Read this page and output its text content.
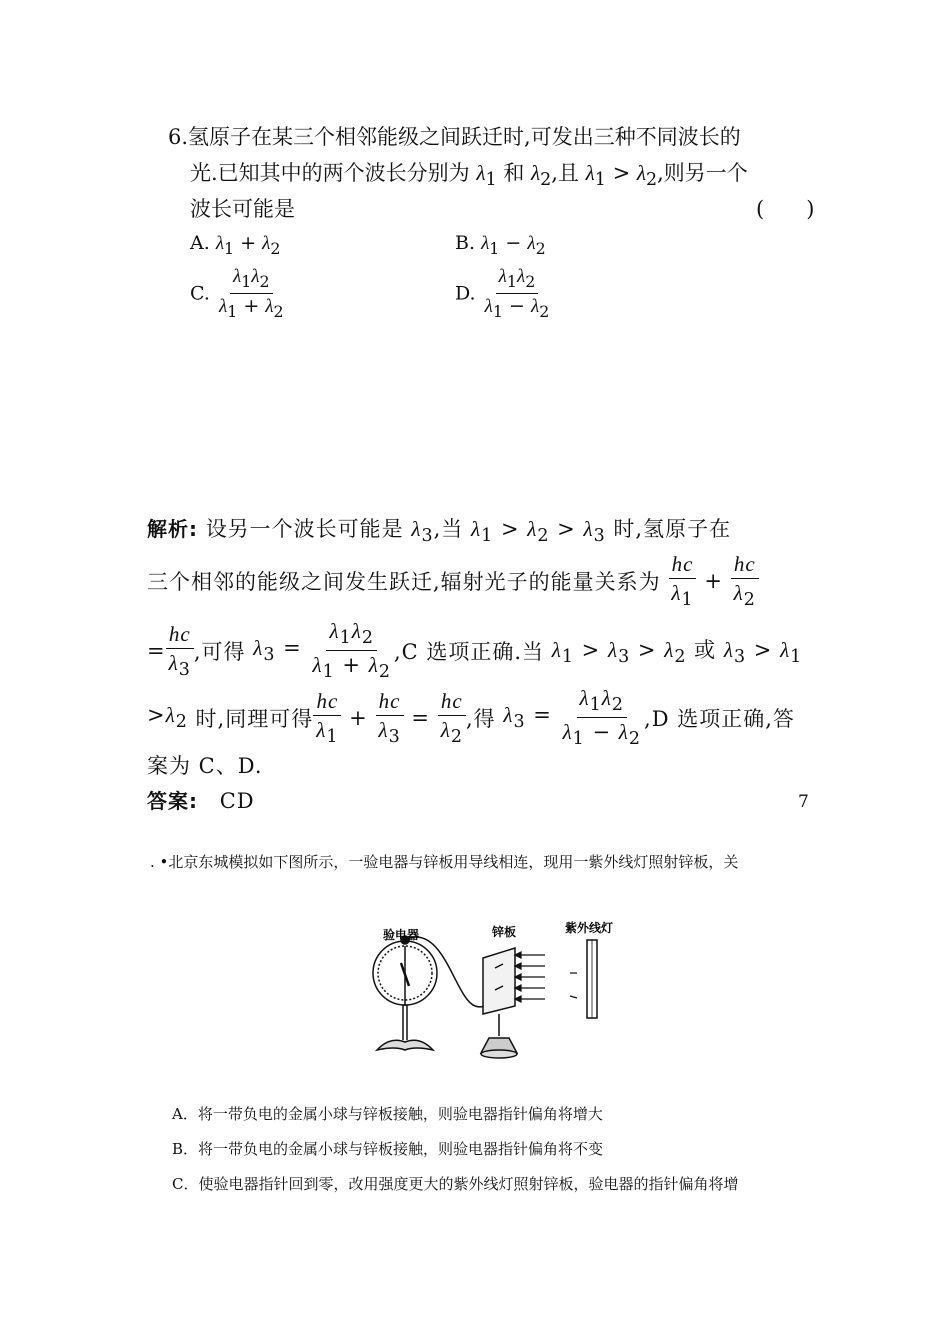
6.氢原子在某三个相邻能级之间跃迁时,可发出三种不同波长的
光.已知其中的两个波长分别为 $\lambda_1$ 和 $\lambda_2$,且 $\lambda_1 > \lambda_2$,则另一个
波长可能是	(　　)
A. $\lambda_1 + \lambda_2$	B. $\lambda_1 - \lambda_2$
C. $\frac{\lambda_1\lambda_2}{\lambda_1 + \lambda_2}$	D. $\frac{\lambda_1\lambda_2}{\lambda_1 - \lambda_2}$
解析: 设另一个波长可能是 $\lambda_3$,当 $\lambda_1 > \lambda_2 > \lambda_3$ 时,氢原子在
三个相邻的能级之间发生跃迁,辐射光子的能量关系为 $\frac{hc}{\lambda_1} + \frac{hc}{\lambda_2}$
= $\frac{hc}{\lambda_3}$ ,可得 $\lambda_3 = \frac{\lambda_1\lambda_2}{\lambda_1 + \lambda_2} ,C$ 选项正确.当 $\lambda_1 > \lambda_3 > \lambda_2$ 或 $\lambda_3 > \lambda_1$
$>\lambda_2$ 时,同理可得 $\frac{hc}{\lambda_1} + \frac{hc}{\lambda_3} = \frac{hc}{\lambda_2}$ ,得 $\lambda_3 = \frac{\lambda_1\lambda_2}{\lambda_1 - \lambda_2} ,D$ 选项正确,答
案为 C、D.
答案: CD	7
. •北京东城模拟如下图所示，一验电器与锌板用导线相连，现用一紫外线灯照射锌板，关
验电器	锌板	紫外线灯
A．将一带负电的金属小球与锌板接触，则验电器指针偏角将增大
B．将一带负电的金属小球与锌板接触，则验电器指针偏角将不变
C．使验电器指针回到零，改用强度更大的紫外线灯照射锌板，验电器的指针偏角将增
